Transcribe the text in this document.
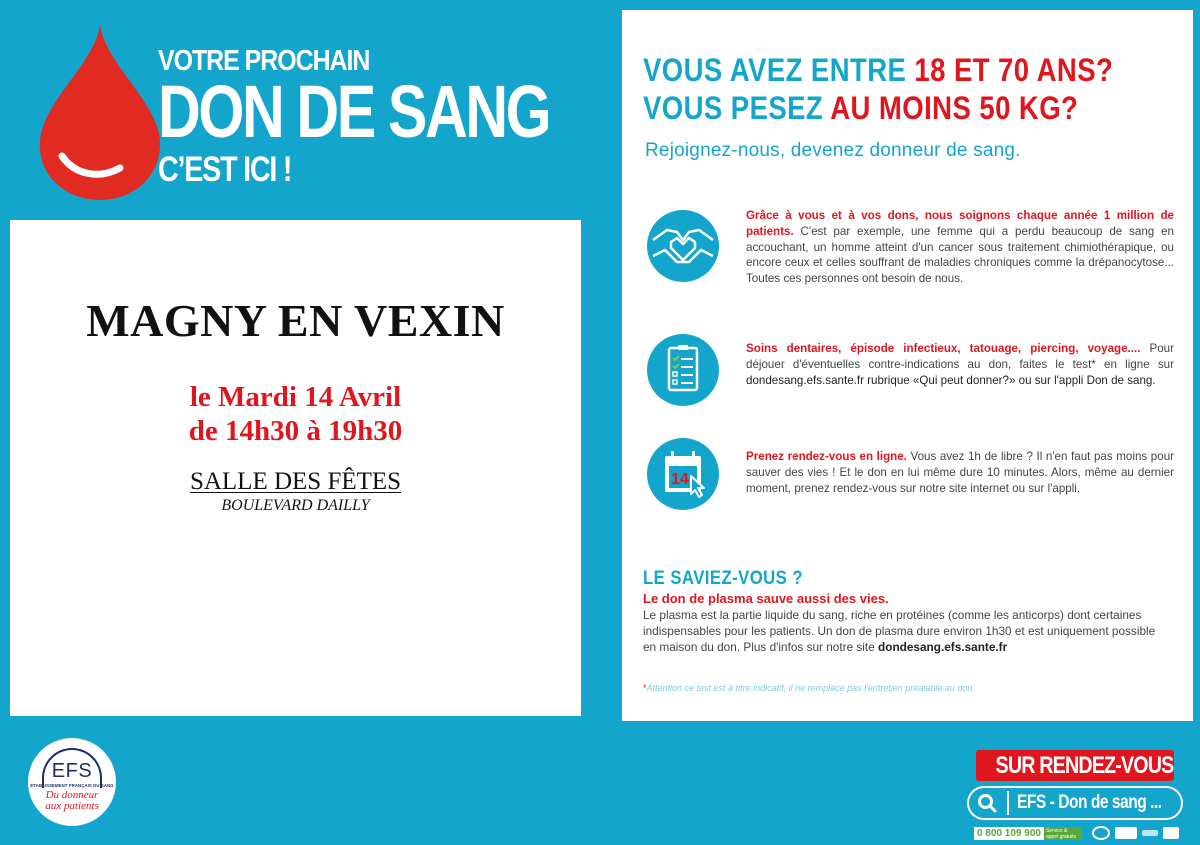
VOTRE PROCHAIN
DON DE SANG
C’EST ICI !
MAGNY EN VEXIN
le Mardi 14 Avril
de 14h30 à 19h30
SALLE DES FÊTES
BOULEVARD DAILLY
VOUS AVEZ ENTRE 18 ET 70 ANS?
VOUS PESEZ AU MOINS 50 KG?
Rejoignez-nous, devenez donneur de sang.
Grâce à vous et à vos dons, nous soignons chaque année 1 million de patients. C'est par exemple, une femme qui a perdu beaucoup de sang en accouchant, un homme atteint d'un cancer sous traitement chimiothérapique, ou encore ceux et celles souffrant de maladies chroniques comme la drépanocytose... Toutes ces personnes ont besoin de nous.
Soins dentaires, épisode infectieux, tatouage, piercing, voyage.... Pour déjouer d'éventuelles contre-indications au don, faites le test* en ligne sur dondesang.efs.sante.fr rubrique «Qui peut donner?» ou sur l'appli Don de sang.
14
Prenez rendez-vous en ligne. Vous avez 1h de libre ? Il n'en faut pas moins pour sauver des vies ! Et le don en lui même dure 10 minutes. Alors, même au dernier moment, prenez rendez-vous sur notre site internet ou sur l'appli.
LE SAVIEZ-VOUS ?
Le don de plasma sauve aussi des vies.
Le plasma est la partie liquide du sang, riche en protéines (comme les anticorps) dont certaines indispensables pour les patients. Un don de plasma dure environ 1h30 et est uniquement possible en maison du don. Plus d'infos sur notre site dondesang.efs.sante.fr
*Attention ce test est à titre indicatif, il ne remplace pas l'entretien préalable au don.
EFS
ÉTABLISSEMENT FRANÇAIS DU SANG
Du donneur
aux patients
SUR RENDEZ-VOUS
EFS - Don de sang ...
0 800 109 900	Service & appel gratuits
